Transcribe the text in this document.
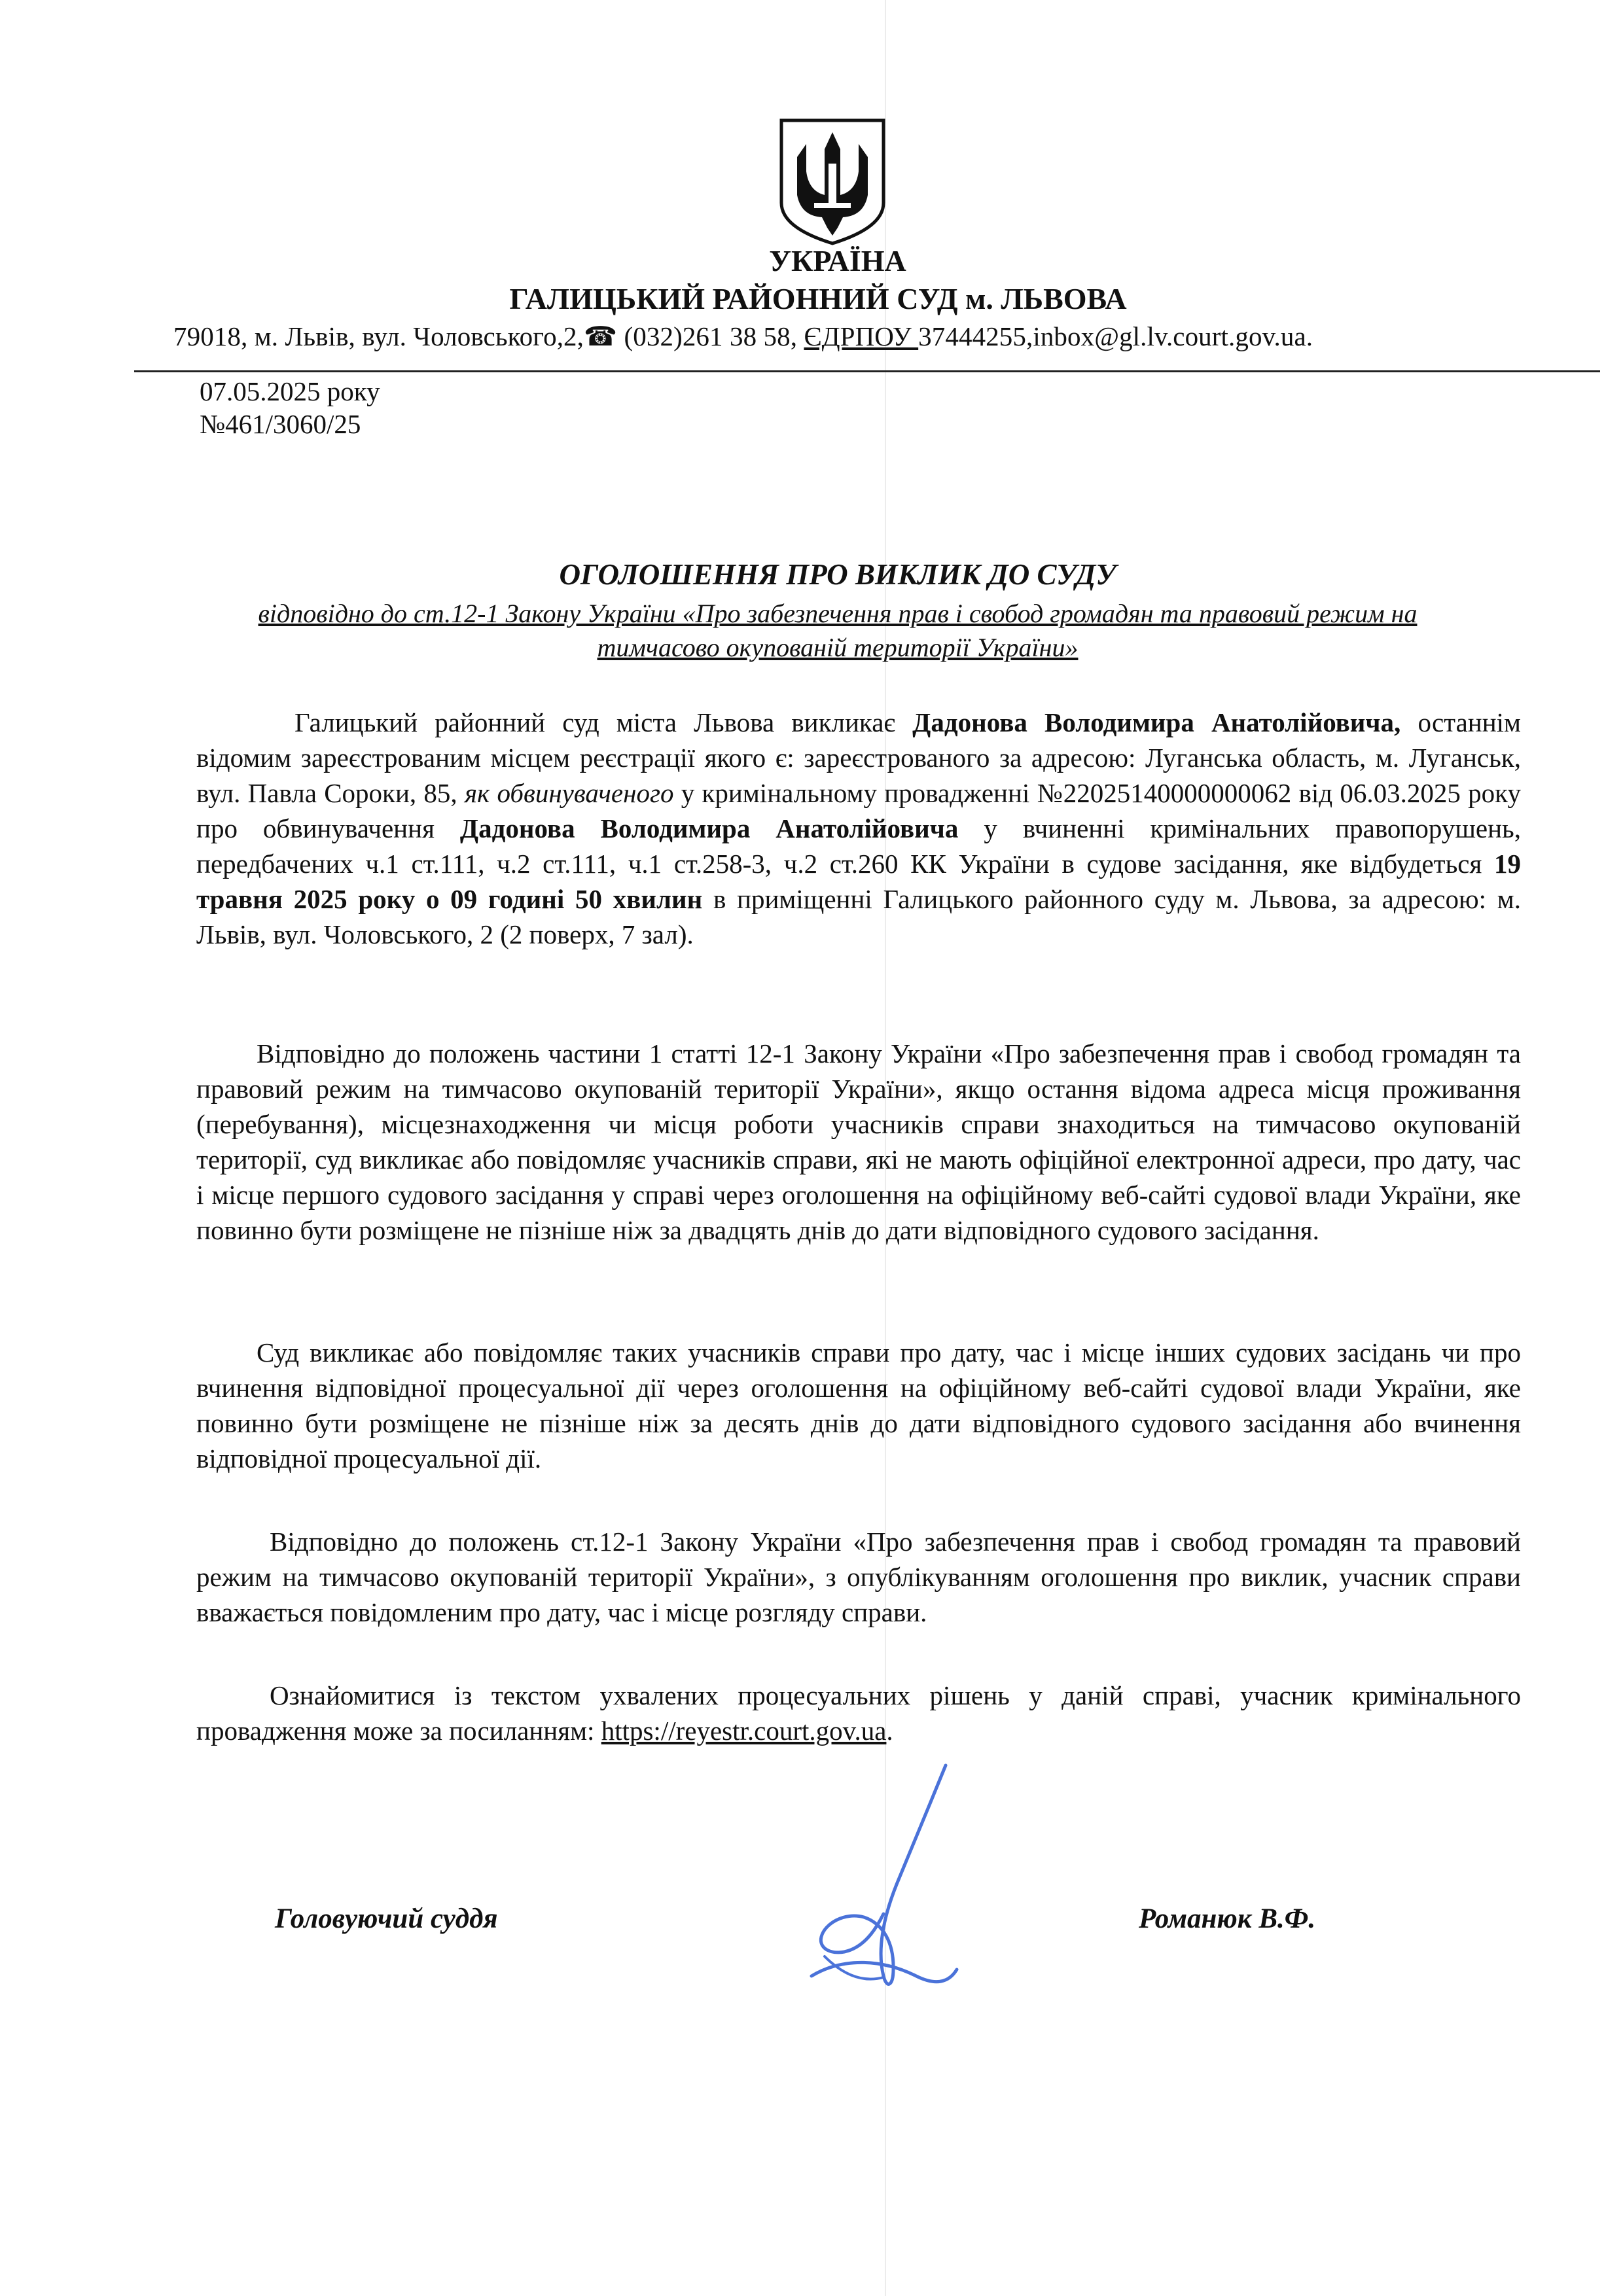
УКРАЇНА
ГАЛИЦЬКИЙ РАЙОННИЙ СУД м. ЛЬВОВА
79018, м. Львів, вул. Чоловського,2,☎ (032)261 38 58, ЄДРПОУ 37444255,inbox@gl.lv.court.gov.ua.
07.05.2025 року
№461/3060/25
ОГОЛОШЕННЯ ПРО ВИКЛИК ДО СУДУ
відповідно до ст.12-1 Закону України «Про забезпечення прав і свобод громадян та правовий режим на тимчасово окупованій території України»
Галицький районний суд міста Львова викликає Дадонова Володимира Анатолійовича, останнім відомим зареєстрованим місцем реєстрації якого є: зареєстрованого за адресою: Луганська область, м. Луганськ, вул. Павла Сороки, 85, як обвинуваченого у кримінальному провадженні №22025140000000062 від 06.03.2025 року про обвинувачення Дадонова Володимира Анатолійовича у вчиненні кримінальних правопорушень, передбачених ч.1 ст.111, ч.2 ст.111, ч.1 ст.258-3, ч.2 ст.260 КК України в судове засідання, яке відбудеться 19 травня 2025 року о 09 годині 50 хвилин в приміщенні Галицького районного суду м. Львова, за адресою: м. Львів, вул. Чоловського, 2 (2 поверх, 7 зал).
Відповідно до положень частини 1 статті 12-1 Закону України «Про забезпечення прав і свобод громадян та правовий режим на тимчасово окупованій території України», якщо остання відома адреса місця проживання (перебування), місцезнаходження чи місця роботи учасників справи знаходиться на тимчасово окупованій території, суд викликає або повідомляє учасників справи, які не мають офіційної електронної адреси, про дату, час і місце першого судового засідання у справі через оголошення на офіційному веб-сайті судової влади України, яке повинно бути розміщене не пізніше ніж за двадцять днів до дати відповідного судового засідання.
Суд викликає або повідомляє таких учасників справи про дату, час і місце інших судових засідань чи про вчинення відповідної процесуальної дії через оголошення на офіційному веб-сайті судової влади України, яке повинно бути розміщене не пізніше ніж за десять днів до дати відповідного судового засідання або вчинення відповідної процесуальної дії.
Відповідно до положень ст.12-1 Закону України «Про забезпечення прав і свобод громадян та правовий режим на тимчасово окупованій території України», з опублікуванням оголошення про виклик, учасник справи вважається повідомленим про дату, час і місце розгляду справи.
Ознайомитися із текстом ухвалених процесуальних рішень у даній справі, учасник кримінального провадження може за посиланням: https://reyestr.court.gov.ua.
Головуючий суддя	Романюк В.Ф.
